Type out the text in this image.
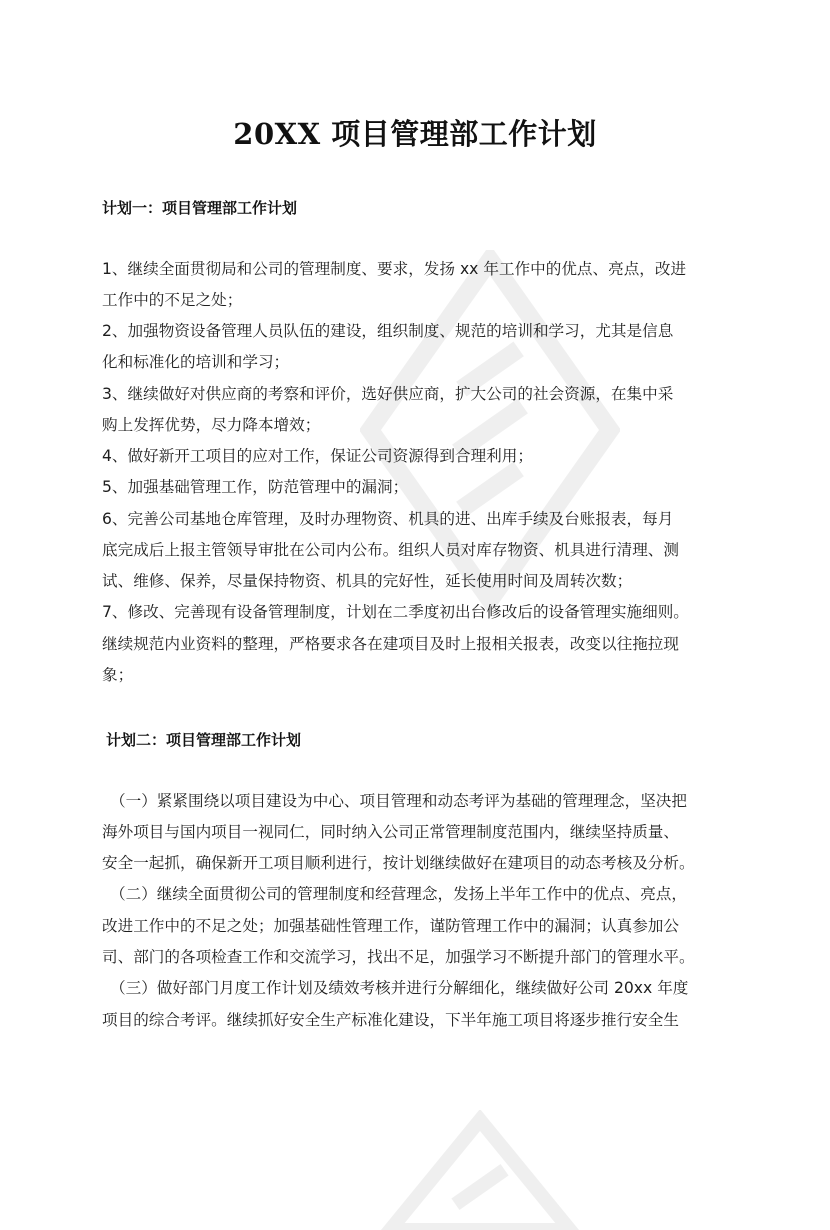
20XX 项目管理部工作计划
计划一：项目管理部工作计划
1、继续全面贯彻局和公司的管理制度、要求，发扬 xx 年工作中的优点、亮点，改进
工作中的不足之处；
2、加强物资设备管理人员队伍的建设，组织制度、规范的培训和学习，尤其是信息
化和标准化的培训和学习；
3、继续做好对供应商的考察和评价，选好供应商，扩大公司的社会资源，在集中采
购上发挥优势，尽力降本增效；
4、做好新开工项目的应对工作，保证公司资源得到合理利用；
5、加强基础管理工作，防范管理中的漏洞；
6、完善公司基地仓库管理，及时办理物资、机具的进、出库手续及台账报表，每月
底完成后上报主管领导审批在公司内公布。组织人员对库存物资、机具进行清理、测
试、维修、保养，尽量保持物资、机具的完好性，延长使用时间及周转次数；
7、修改、完善现有设备管理制度，计划在二季度初出台修改后的设备管理实施细则。
继续规范内业资料的整理，严格要求各在建项目及时上报相关报表，改变以往拖拉现
象；
计划二：项目管理部工作计划
（一）紧紧围绕以项目建设为中心、项目管理和动态考评为基础的管理理念，坚决把
海外项目与国内项目一视同仁，同时纳入公司正常管理制度范围内，继续坚持质量、
安全一起抓，确保新开工项目顺利进行，按计划继续做好在建项目的动态考核及分析。
（二）继续全面贯彻公司的管理制度和经营理念，发扬上半年工作中的优点、亮点，
改进工作中的不足之处；加强基础性管理工作，谨防管理工作中的漏洞；认真参加公
司、部门的各项检查工作和交流学习，找出不足，加强学习不断提升部门的管理水平。
（三）做好部门月度工作计划及绩效考核并进行分解细化，继续做好公司 20xx 年度
项目的综合考评。继续抓好安全生产标准化建设，下半年施工项目将逐步推行安全生
